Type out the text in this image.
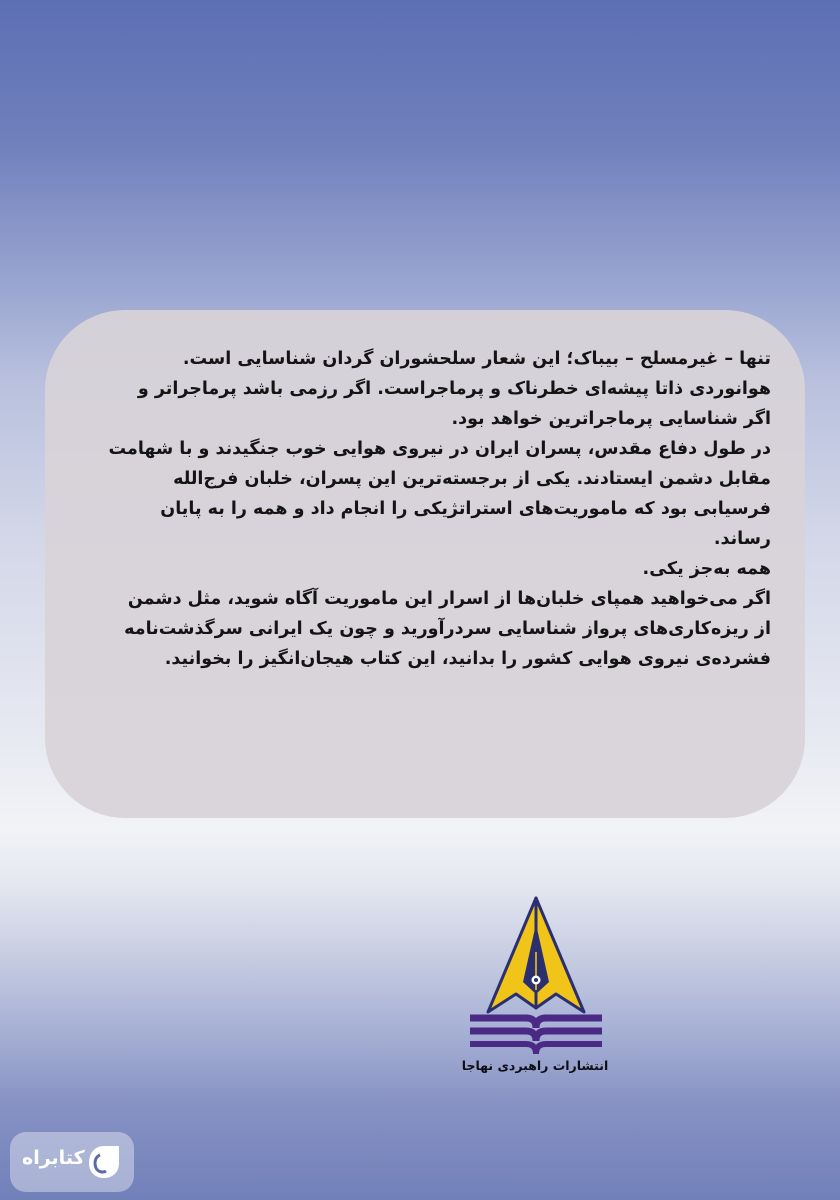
تنها – غیرمسلح – بیباک؛ این شعار سلحشوران گردان شناسایی است.
هوانوردی ذاتا پیشه‌ای خطرناک و پرماجراست. اگر رزمی باشد پرماجراتر و
اگر شناسایی پرماجراترین خواهد بود.
در طول دفاع مقدس، پسران ایران در نیروی هوایی خوب جنگیدند و با شهامت
مقابل دشمن ایستادند. یکی از برجسته‌ترین این پسران، خلبان فرج‌الله
فرسیابی بود که ماموریت‌های استراتژیکی را انجام داد و همه را به پایان
رساند.
همه به‌جز یکی.
اگر می‌خواهید همپای خلبان‌ها از اسرار این ماموریت آگاه شوید، مثل دشمن
از ریزه‌کاری‌های پرواز شناسایی سردرآورید و چون یک ایرانی سرگذشت‌نامه
فشرده‌ی نیروی هوایی کشور را بدانید، این کتاب هیجان‌انگیز را بخوانید.
انتشارات راهبردی نهاجا
کتابراه
